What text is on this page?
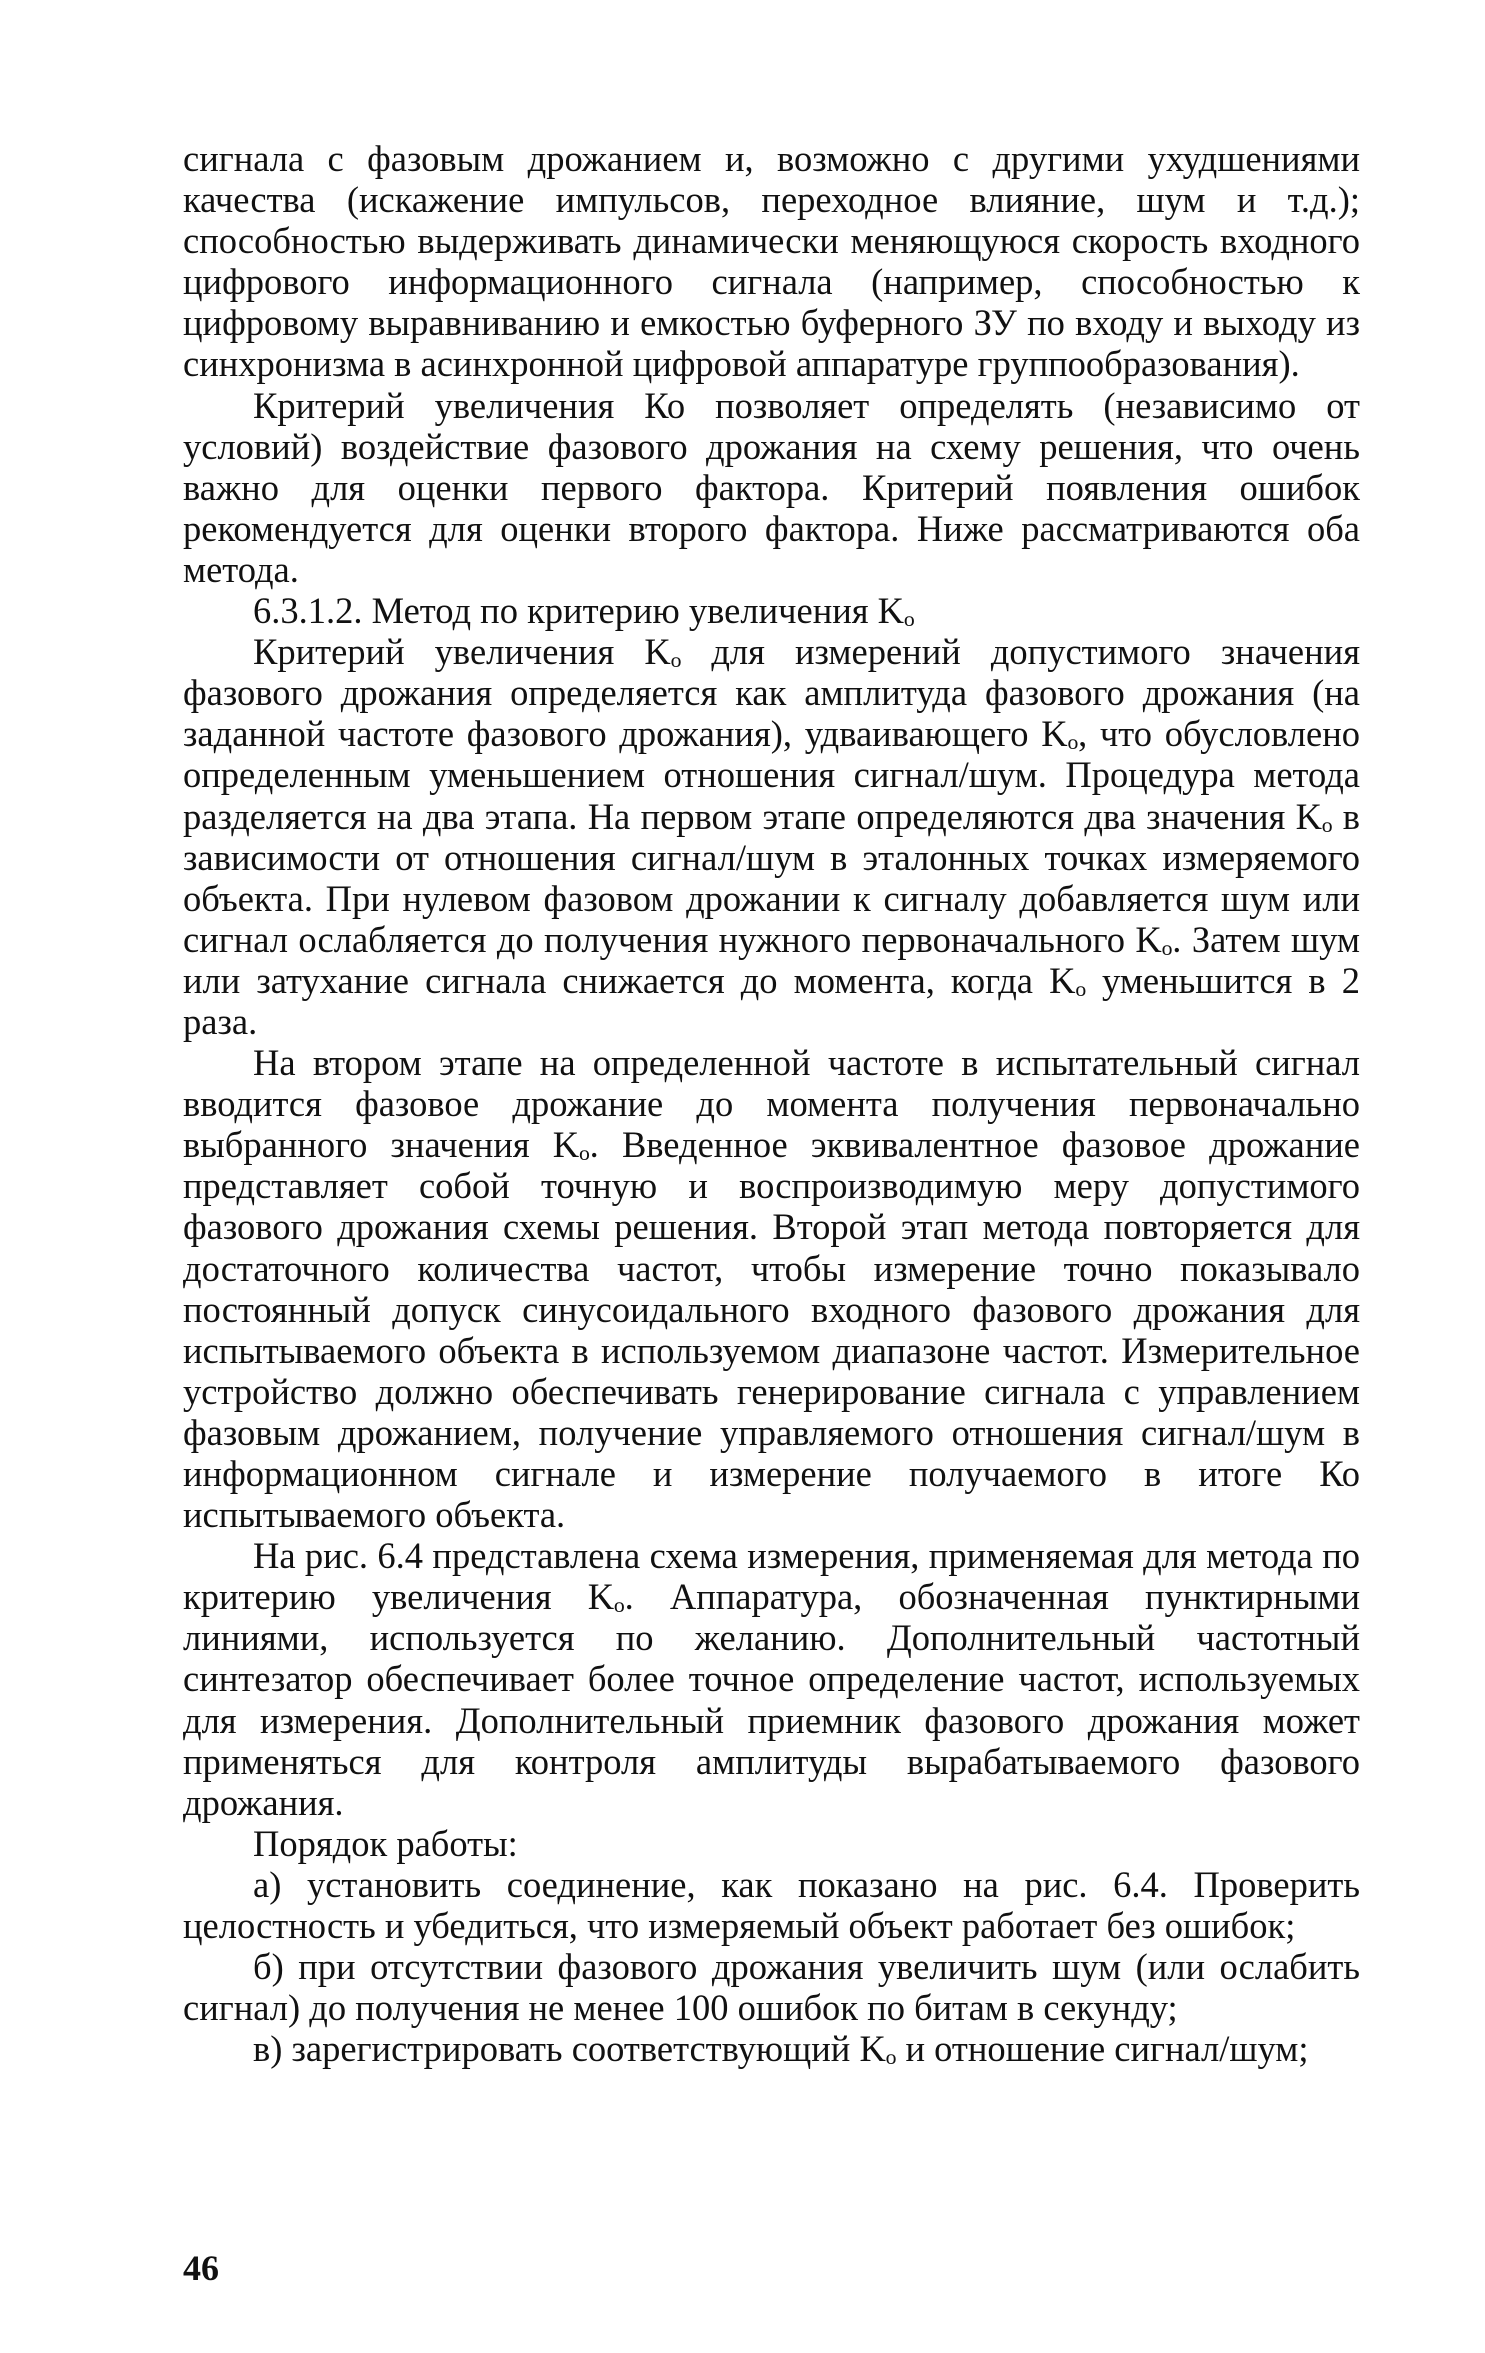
сигнала с фазовым дрожанием и, возможно с другими ухудшениями качества (искажение импульсов, переходное влияние, шум и т.д.); способностью выдерживать динамически меняющуюся скорость входного цифрового информационного сигнала (например, способностью к цифровому выравниванию и емкостью буферного ЗУ по входу и выходу из синхронизма в асинхронной цифровой аппаратуре группообразования).

Критерий увеличения Ко позволяет определять (независимо от условий) воздействие фазового дрожания на схему решения, что очень важно для оценки первого фактора. Критерий появления ошибок рекомендуется для оценки второго фактора. Ниже рассматриваются оба метода.

6.3.1.2. Метод по критерию увеличения Kₒ

Критерий увеличения Kₒ для измерений допустимого значения фазового дрожания определяется как амплитуда фазового дрожания (на заданной частоте фазового дрожания), удваивающего Kₒ, что обусловлено определенным уменьшением отношения сигнал/шум. Процедура метода разделяется на два этапа. На первом этапе определяются два значения Kₒ в зависимости от отношения сигнал/шум в эталонных точках измеряемого объекта. При нулевом фазовом дрожании к сигналу добавляется шум или сигнал ослабляется до получения нужного первоначального Kₒ. Затем шум или затухание сигнала снижается до момента, когда Kₒ уменьшится в 2 раза.

На втором этапе на определенной частоте в испытательный сигнал вводится фазовое дрожание до момента получения первоначально выбранного значения Kₒ. Введенное эквивалентное фазовое дрожание представляет собой точную и воспроизводимую меру допустимого фазового дрожания схемы решения. Второй этап метода повторяется для достаточного количества частот, чтобы измерение точно показывало постоянный допуск синусоидального входного фазового дрожания для испытываемого объекта в используемом диапазоне частот. Измерительное устройство должно обеспечивать генерирование сигнала с управлением фазовым дрожанием, получение управляемого отношения сигнал/шум в информационном сигнале и измерение получаемого в итоге Ко испытываемого объекта.

На рис. 6.4 представлена схема измерения, применяемая для метода по критерию увеличения Kₒ. Аппаратура, обозначенная пунктирными линиями, используется по желанию. Дополнительный частотный синтезатор обеспечивает более точное определение частот, используемых для измерения. Дополнительный приемник фазового дрожания может применяться для контроля амплитуды вырабатываемого фазового дрожания.

Порядок работы:

а) установить соединение, как показано на рис. 6.4. Проверить целостность и убедиться, что измеряемый объект работает без ошибок;

б) при отсутствии фазового дрожания увеличить шум (или ослабить сигнал) до получения не менее 100 ошибок по битам в секунду;

в) зарегистрировать соответствующий Kₒ и отношение сигнал/шум;

46
